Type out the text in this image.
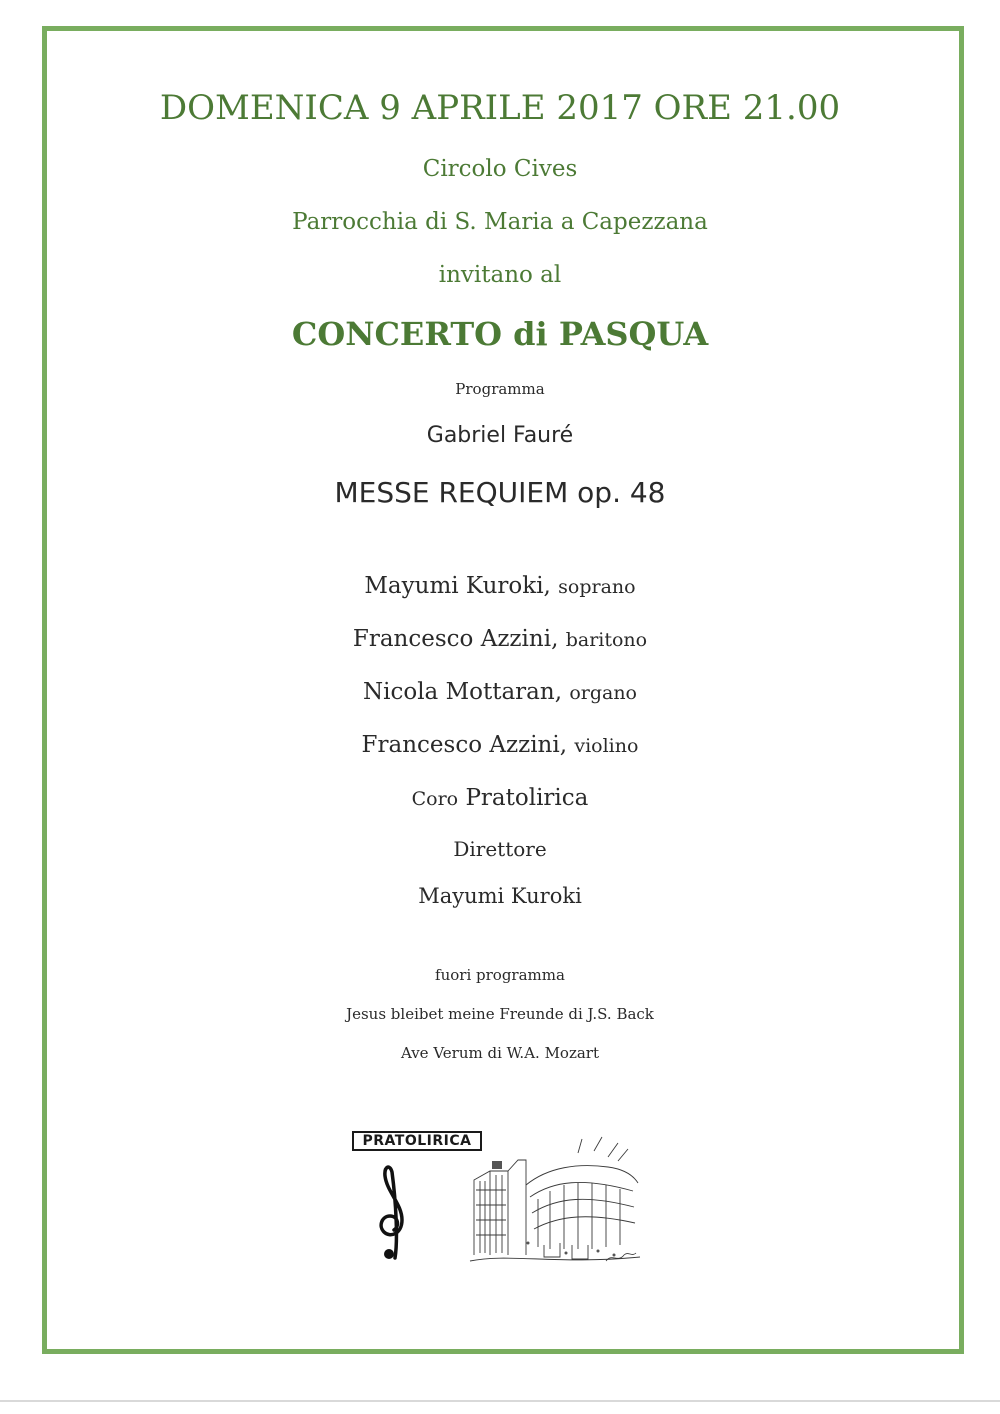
DOMENICA 9 APRILE 2017 ORE 21.00
Circolo Cives
Parrocchia di S. Maria a Capezzana
invitano al
CONCERTO di PASQUA
Programma
Gabriel Fauré
MESSE REQUIEM op. 48
Mayumi Kuroki, soprano
Francesco Azzini, baritono
Nicola Mottaran, organo
Francesco Azzini, violino
Coro Pratolirica
Direttore
Mayumi Kuroki
fuori programma
Jesus bleibet meine Freunde di J.S. Back
Ave Verum di W.A. Mozart
PRATOLIRICA
